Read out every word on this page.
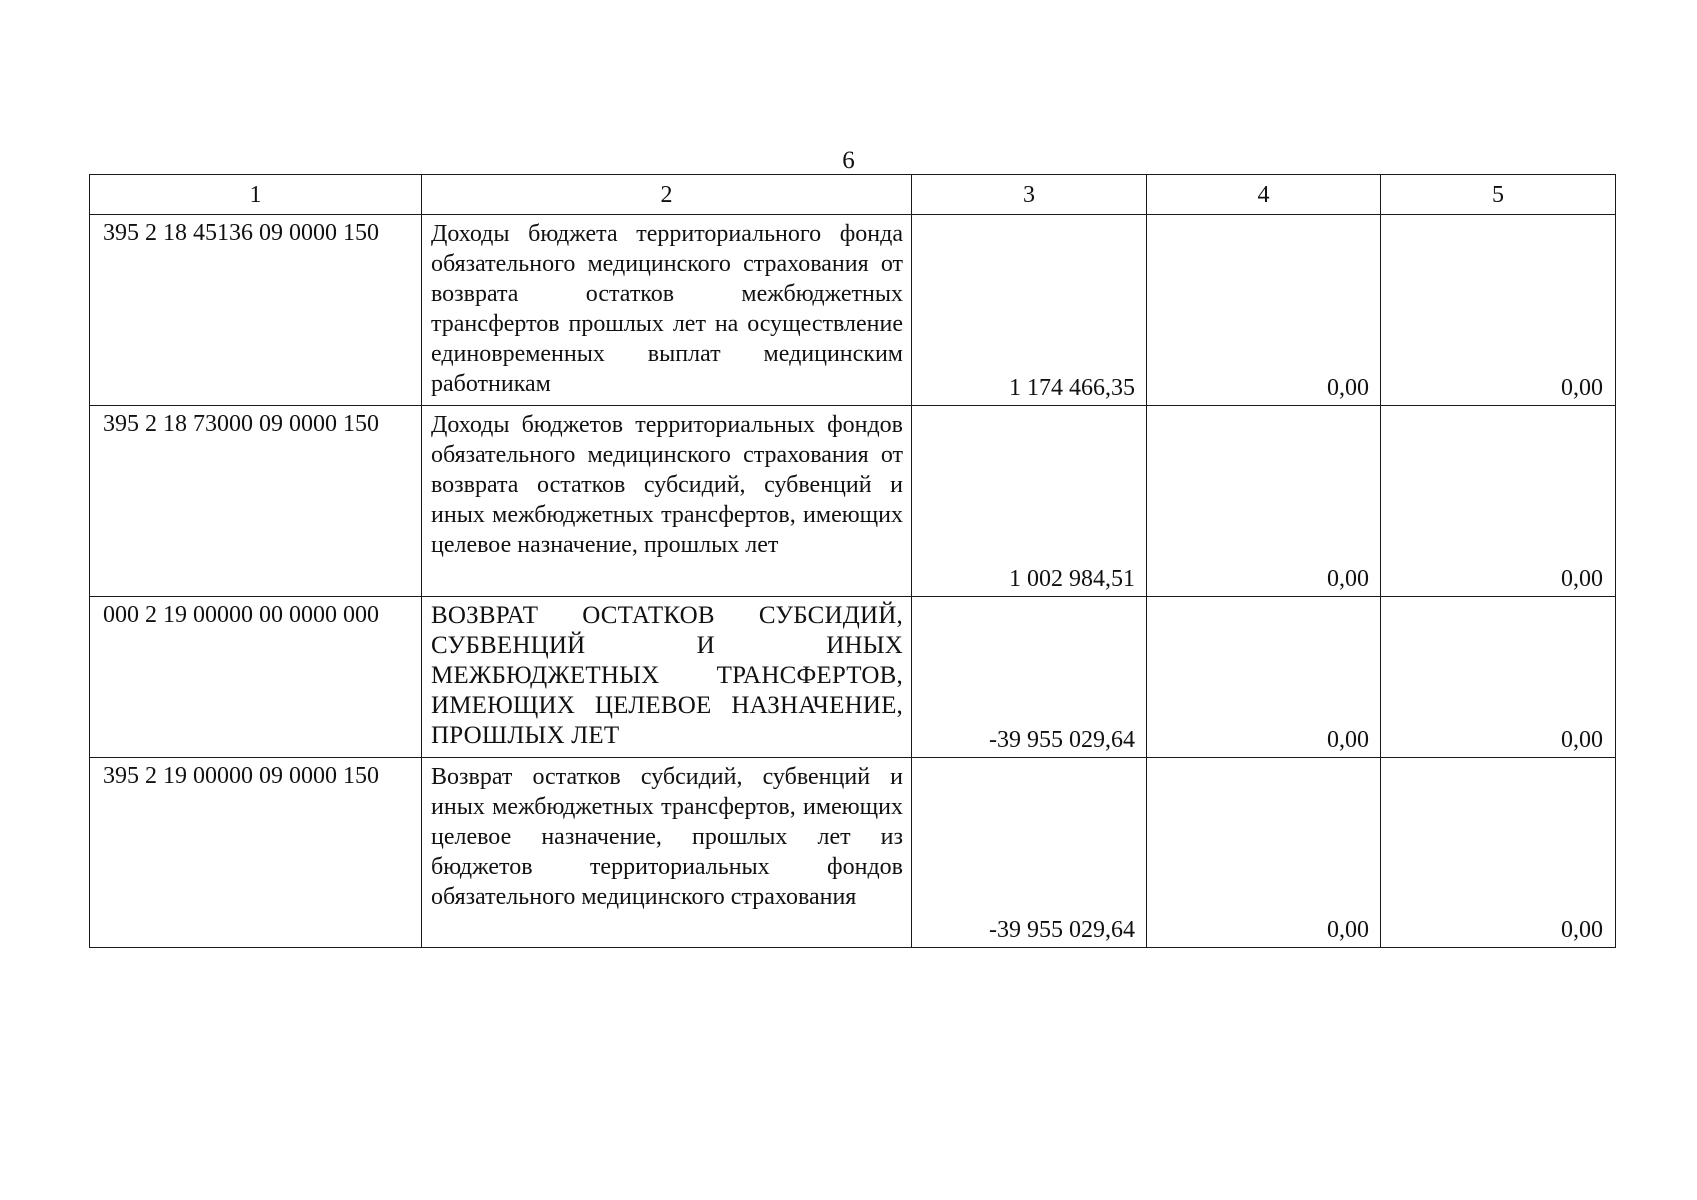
6
1	2	3	4	5
395 2 18 45136 09 0000 150	Доходы бюджета территориального фонда обязательного медицинского страхования от возврата остатков межбюджетных трансфертов прошлых лет на осуществление единовременных выплат медицинским работникам	1 174 466,35	0,00	0,00
395 2 18 73000 09 0000 150	Доходы бюджетов территориальных фондов обязательного медицинского страхования от возврата остатков субсидий, субвенций и иных межбюджетных трансфертов, имеющих целевое назначение, прошлых лет	1 002 984,51	0,00	0,00
000 2 19 00000 00 0000 000	ВОЗВРАТ ОСТАТКОВ СУБСИДИЙ, СУБВЕНЦИЙ И ИНЫХ МЕЖБЮДЖЕТНЫХ ТРАНСФЕРТОВ, ИМЕЮЩИХ ЦЕЛЕВОЕ НАЗНАЧЕНИЕ, ПРОШЛЫХ ЛЕТ	-39 955 029,64	0,00	0,00
395 2 19 00000 09 0000 150	Возврат остатков субсидий, субвенций и иных межбюджетных трансфертов, имеющих целевое назначение, прошлых лет из бюджетов территориальных фондов обязательного медицинского страхования	-39 955 029,64	0,00	0,00
